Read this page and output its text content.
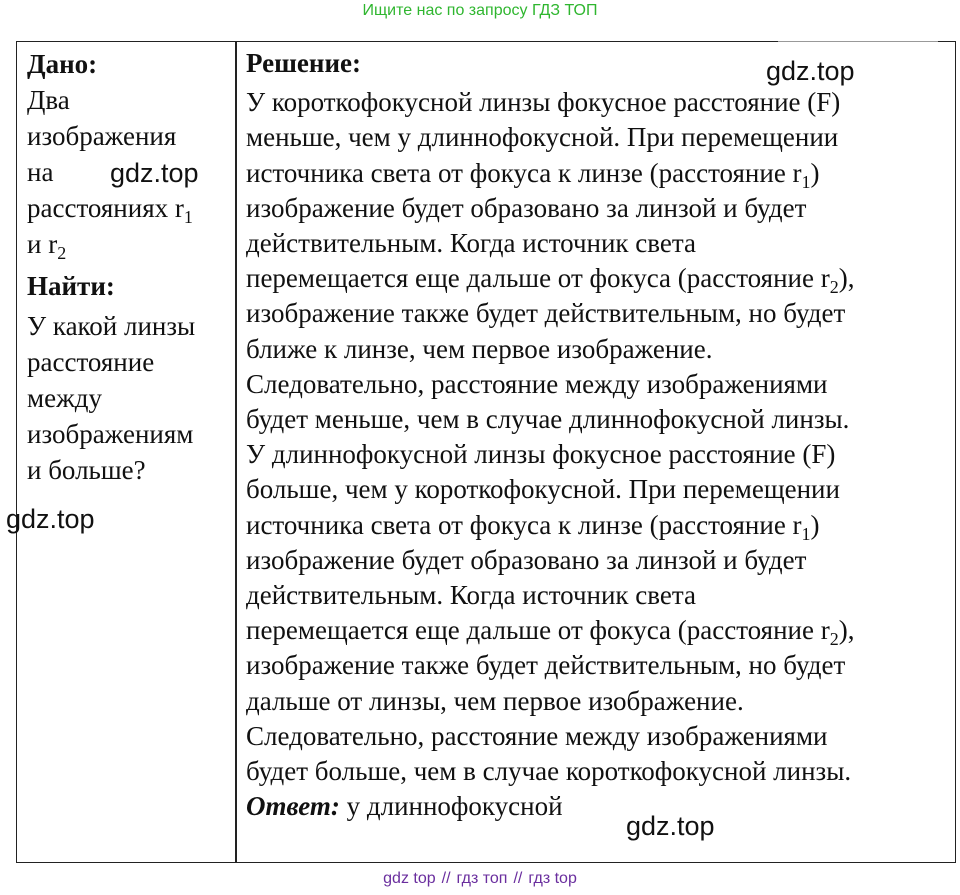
Ищите нас по запросу ГДЗ ТОП
Дано:
Два
изображения
на
расстояниях $r_1$
и $r_2$
Найти:
У какой линзы
расстояние
между
изображениям
и больше?
Решение:
У короткофокусной линзы фокусное расстояние (F)
меньше, чем у длиннофокусной. При перемещении
источника света от фокуса к линзе (расстояние $r_1$)
изображение будет образовано за линзой и будет
действительным. Когда источник света
перемещается еще дальше от фокуса (расстояние $r_2$),
изображение также будет действительным, но будет
ближе к линзе, чем первое изображение.
Следовательно, расстояние между изображениями
будет меньше, чем в случае длиннофокусной линзы.
У длиннофокусной линзы фокусное расстояние (F)
больше, чем у короткофокусной. При перемещении
источника света от фокуса к линзе (расстояние $r_1$)
изображение будет образовано за линзой и будет
действительным. Когда источник света
перемещается еще дальше от фокуса (расстояние $r_2$),
изображение также будет действительным, но будет
дальше от линзы, чем первое изображение.
Следовательно, расстояние между изображениями
будет больше, чем в случае короткофокусной линзы.
Ответ: у длиннофокусной
gdz.top
gdz.top
gdz.top
gdz.top
gdz top // гдз топ // гдз top
